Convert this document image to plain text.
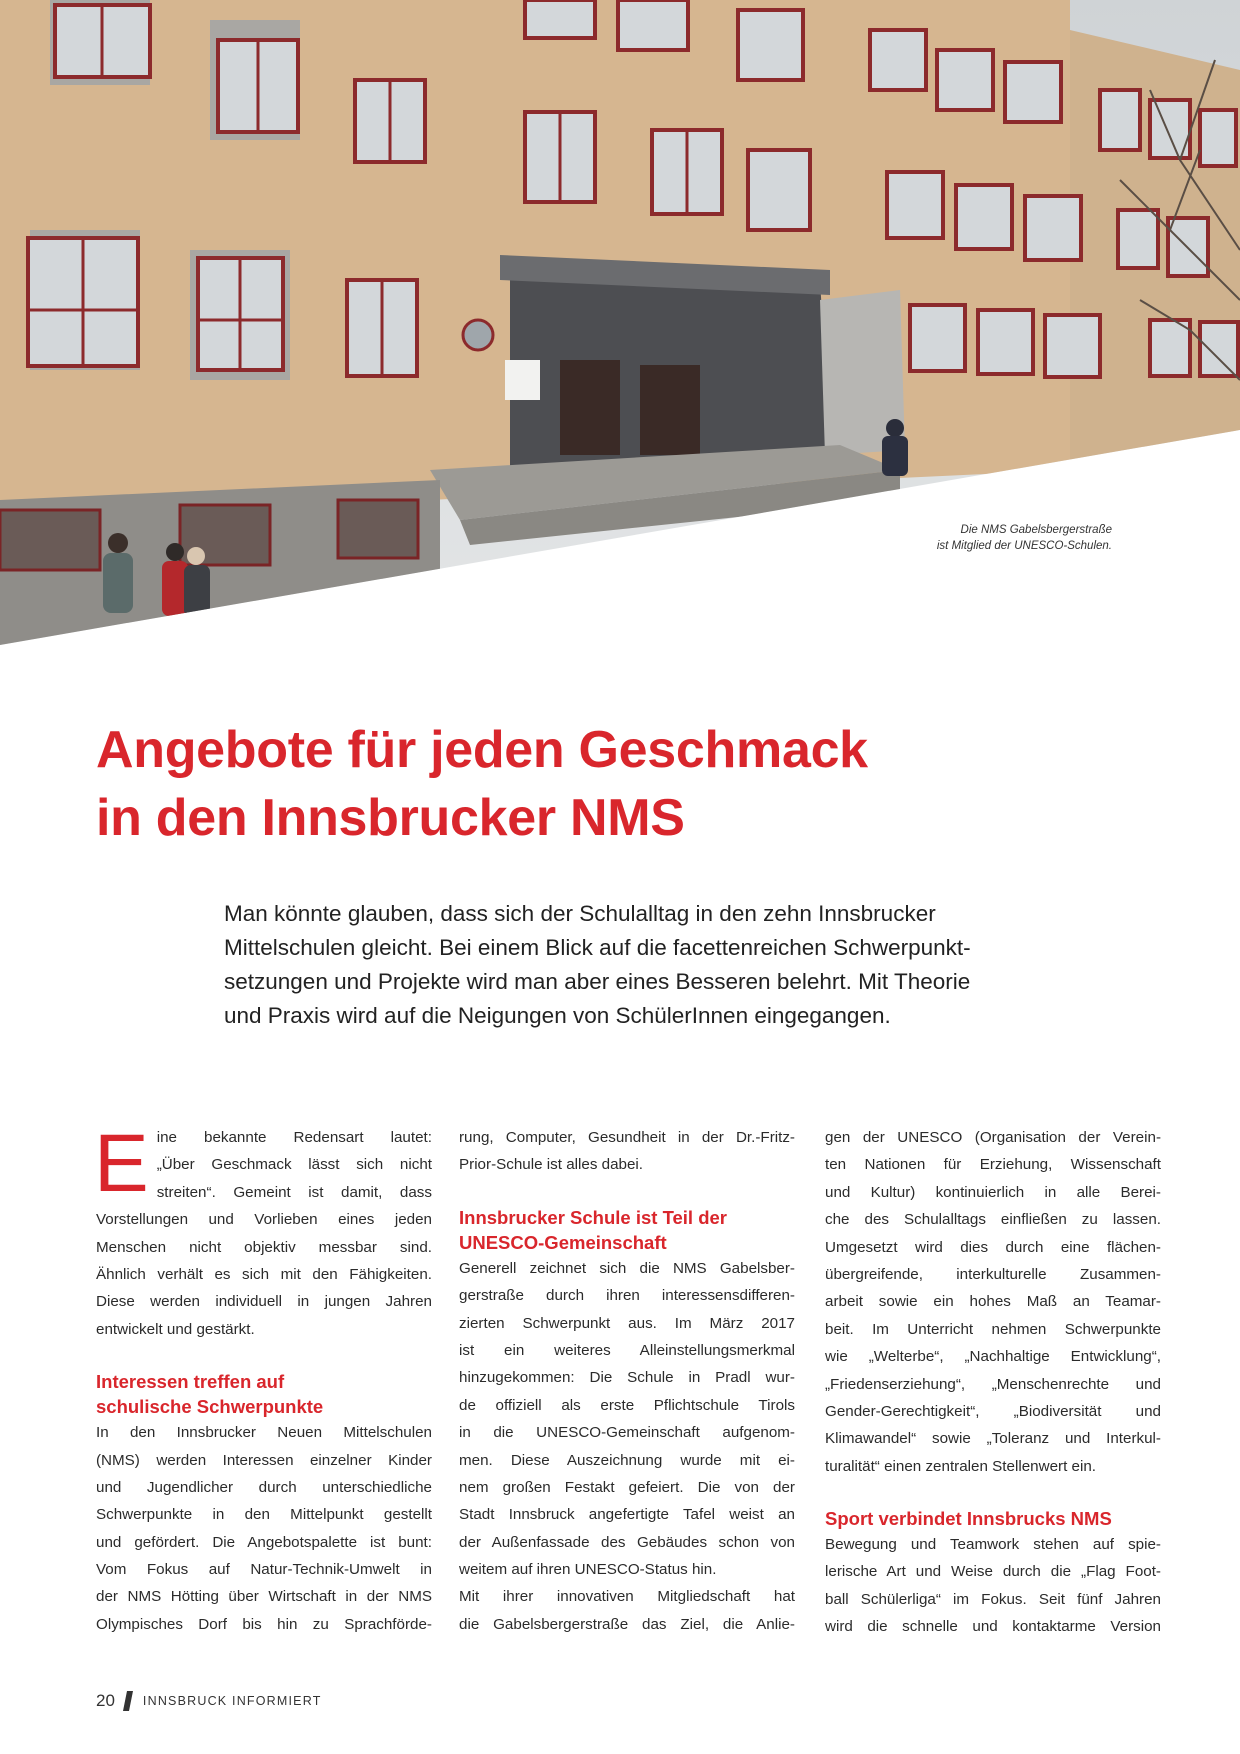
Die NMS Gabelsbergerstraße
ist Mitglied der UNESCO-Schulen.
Angebote für jeden Geschmack
in den Innsbrucker NMS

Man könnte glauben, dass sich der Schulalltag in den zehn Innsbrucker
Mittelschulen gleicht. Bei einem Blick auf die facettenreichen Schwerpunkt-
setzungen und Projekte wird man aber eines Besseren belehrt. Mit Theorie
und Praxis wird auf die Neigungen von SchülerInnen eingegangen.

E ine bekannte Redensart lautet:
„Über Geschmack lässt sich nicht
streiten“. Gemeint ist damit, dass
Vorstellungen und Vorlieben eines jeden
Menschen nicht objektiv messbar sind.
Ähnlich verhält es sich mit den Fähigkeiten.
Diese werden individuell in jungen Jahren
entwickelt und gestärkt.
Interessen treffen auf
schulische Schwerpunkte
In den Innsbrucker Neuen Mittelschulen
(NMS) werden Interessen einzelner Kinder
und Jugendlicher durch unterschiedliche
Schwerpunkte in den Mittelpunkt gestellt
und gefördert. Die Angebotspalette ist bunt:
Vom Fokus auf Natur-Technik-Umwelt in
der NMS Hötting über Wirtschaft in der NMS
Olympisches Dorf bis hin zu Sprachförde-
rung, Computer, Gesundheit in der Dr.-Fritz-
Prior-Schule ist alles dabei.
Innsbrucker Schule ist Teil der
UNESCO-Gemeinschaft
Generell zeichnet sich die NMS Gabelsber-
gerstraße durch ihren interessensdifferen-
zierten Schwerpunkt aus. Im März 2017
ist ein weiteres Alleinstellungsmerkmal
hinzugekommen: Die Schule in Pradl wur-
de offiziell als erste Pflichtschule Tirols
in die UNESCO-Gemeinschaft aufgenom-
men. Diese Auszeichnung wurde mit ei-
nem großen Festakt gefeiert. Die von der
Stadt Innsbruck angefertigte Tafel weist an
der Außenfassade des Gebäudes schon von
weitem auf ihren UNESCO-Status hin.
Mit ihrer innovativen Mitgliedschaft hat
die Gabelsbergerstraße das Ziel, die Anlie-
gen der UNESCO (Organisation der Verein-
ten Nationen für Erziehung, Wissenschaft
und Kultur) kontinuierlich in alle Berei-
che des Schulalltags einfließen zu lassen.
Umgesetzt wird dies durch eine flächen-
übergreifende, interkulturelle Zusammen-
arbeit sowie ein hohes Maß an Teamar-
beit. Im Unterricht nehmen Schwerpunkte
wie „Welterbe“, „Nachhaltige Entwicklung“,
„Friedenserziehung“, „Menschenrechte und
Gender-Gerechtigkeit“, „Biodiversität und
Klimawandel“ sowie „Toleranz und Interkul-
turalität“ einen zentralen Stellenwert ein.
Sport verbindet Innsbrucks NMS
Bewegung und Teamwork stehen auf spie-
lerische Art und Weise durch die „Flag Foot-
ball Schülerliga“ im Fokus. Seit fünf Jahren
wird die schnelle und kontaktarme Version
20 INNSBRUCK INFORMIERT
